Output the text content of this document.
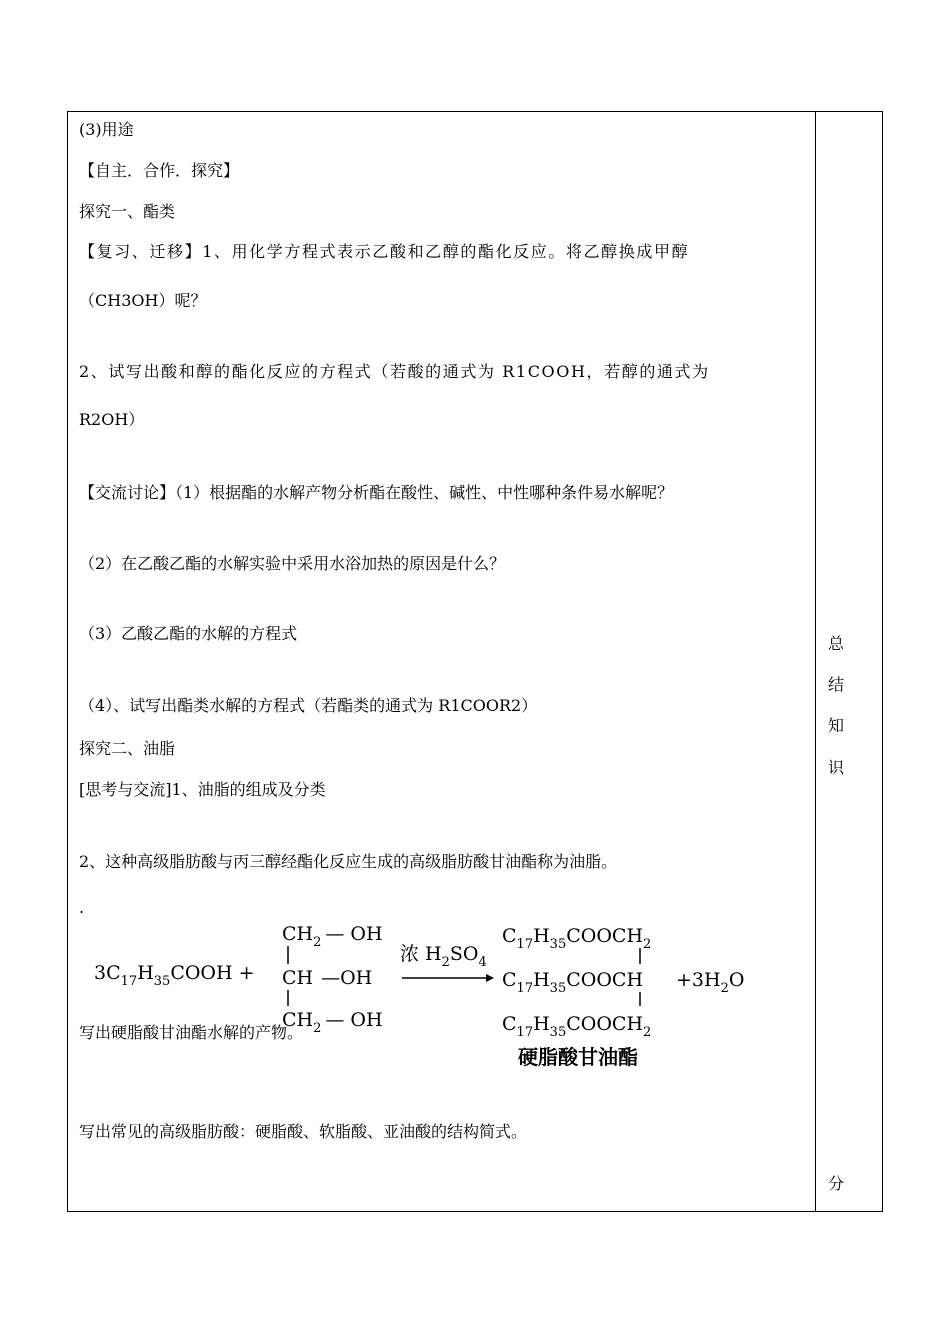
(3)用途
【自主．合作．探究】
探究一、酯类
【复习、迁移】1、用化学方程式表示乙酸和乙醇的酯化反应。将乙醇换成甲醇
（CH3OH）呢？
2、试写出酸和醇的酯化反应的方程式（若酸的通式为 R1COOH，若醇的通式为
R2OH）
【交流讨论】（1）根据酯的水解产物分析酯在酸性、碱性、中性哪种条件易水解呢？
（2）在乙酸乙酯的水解实验中采用水浴加热的原因是什么？
（3）乙酸乙酯的水解的方程式
（4）、试写出酯类水解的方程式（若酯类的通式为 R1COOR2）
探究二、油脂
[思考与交流]1、油脂的组成及分类
2、这种高级脂肪酸与丙三醇经酯化反应生成的高级脂肪酸甘油酯称为油脂。
.
$3C_{17}H_{35}COOH$ +
$CH_2$ — OH
CH —OH
$CH_2$ — OH
浓 $H_2SO_4$
$C_{17}H_{35}COOCH_2$
$C_{17}H_{35}COOCH$
$C_{17}H_{35}COOCH_2$
$+3H_2O$
硬脂酸甘油酯
写出硬脂酸甘油酯水解的产物。
写出常见的高级脂肪酸：硬脂酸、软脂酸、亚油酸的结构简式。
总
结
知
识
分
